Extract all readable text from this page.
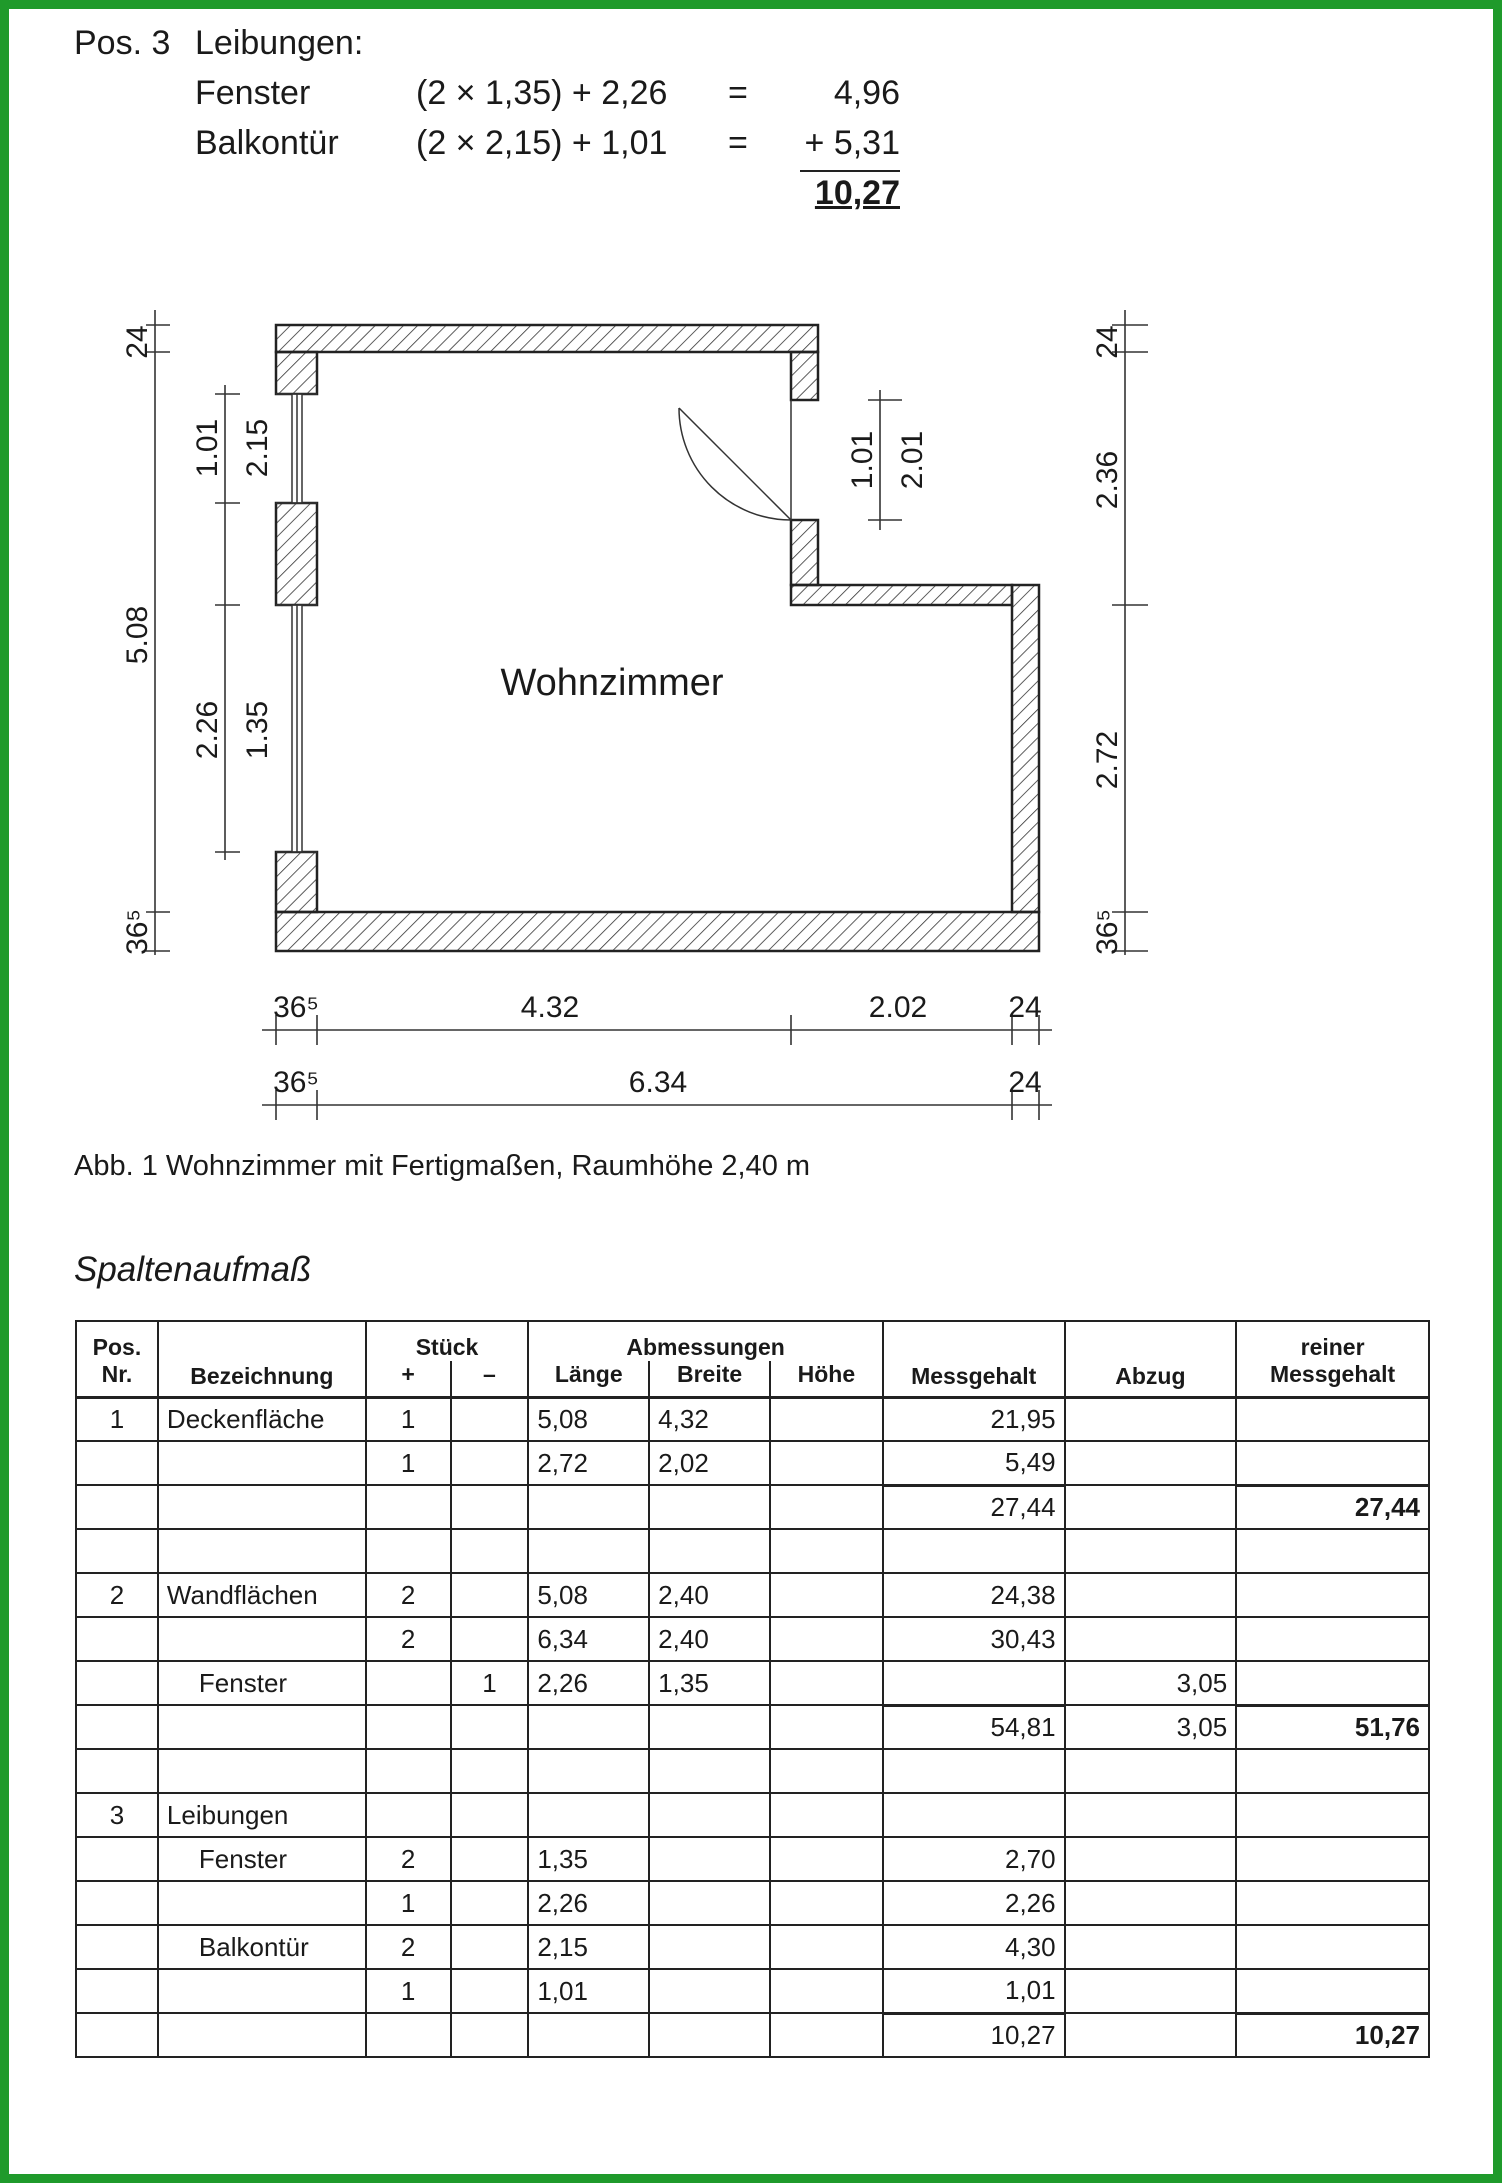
Pos. 3 Leibungen:
Fenster	(2 × 1,35) + 2,26 =	4,96
Balkontür (2 × 2,15) + 1,01 =	+ 5,31
10,27
Wohnzimmer
24
5.08
36⁵
1.01 2.15
2.26 1.35
1.01 2.01
24
2.36
2.72
36⁵
36⁵	4.32	2.02	24
36⁵	6.34	24
Abb. 1 Wohnzimmer mit Fertigmaßen, Raumhöhe 2,40 m
Spaltenaufmaß
Pos.	Bezeichnung	Stück		Abmessungen			Messgehalt	Abzug	reiner
Nr.		+	–	Länge	Breite	Höhe			Messgehalt
1	Deckenfläche	1		5,08	4,32		21,95		
		1		2,72	2,02		5,49		
							27,44		27,44

2	Wandflächen	2		5,08	2,40		24,38		
		2		6,34	2,40		30,43		
	Fenster		1	2,26	1,35			3,05	
							54,81	3,05	51,76

3	Leibungen								
	Fenster	2		1,35			2,70		
		1		2,26			2,26		
	Balkontür	2		2,15			4,30		
		1		1,01			1,01		
							10,27		10,27
